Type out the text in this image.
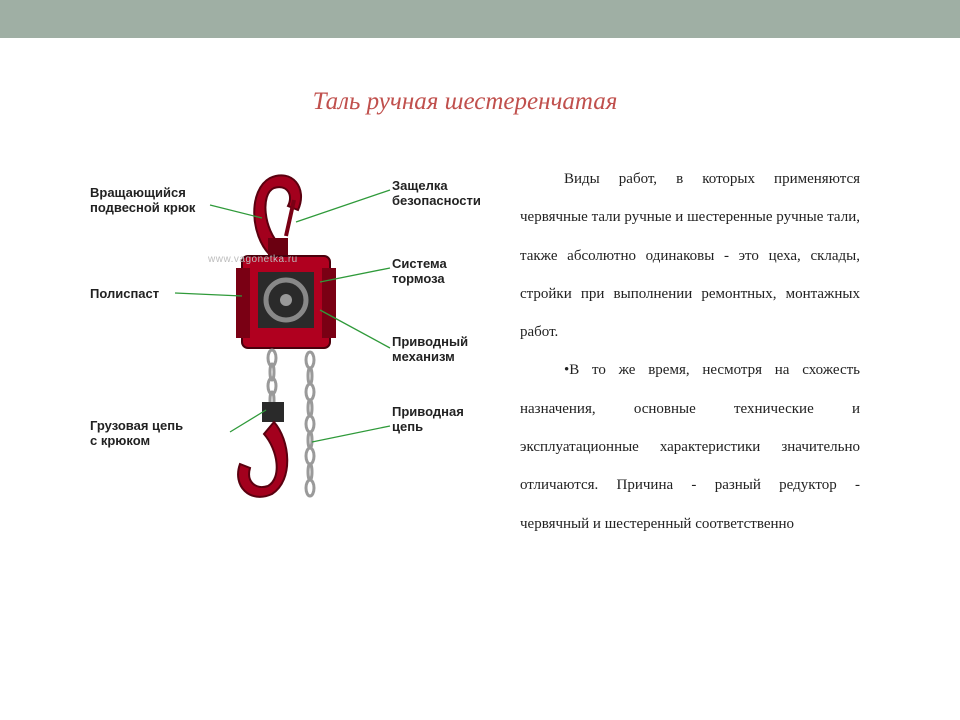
Таль ручная шестеренчатая
www.vagonetka.ru
Вращающийся
подвесной крюк
Защелка
безопасности
Полиспаст
Система
тормоза
Приводный
механизм
Грузовая цепь
с крюком
Приводная
цепь

Виды работ, в которых применяются червячные тали ручные и шестеренные ручные тали, также абсолютно одинаковы - это цеха, склады, стройки при выполнении ремонтных, монтажных работ.

•В то же время, несмотря на схожесть назначения, основные технические и эксплуатационные характеристики значительно отличаются. Причина - разный редуктор - червячный и шестеренный соответственно
